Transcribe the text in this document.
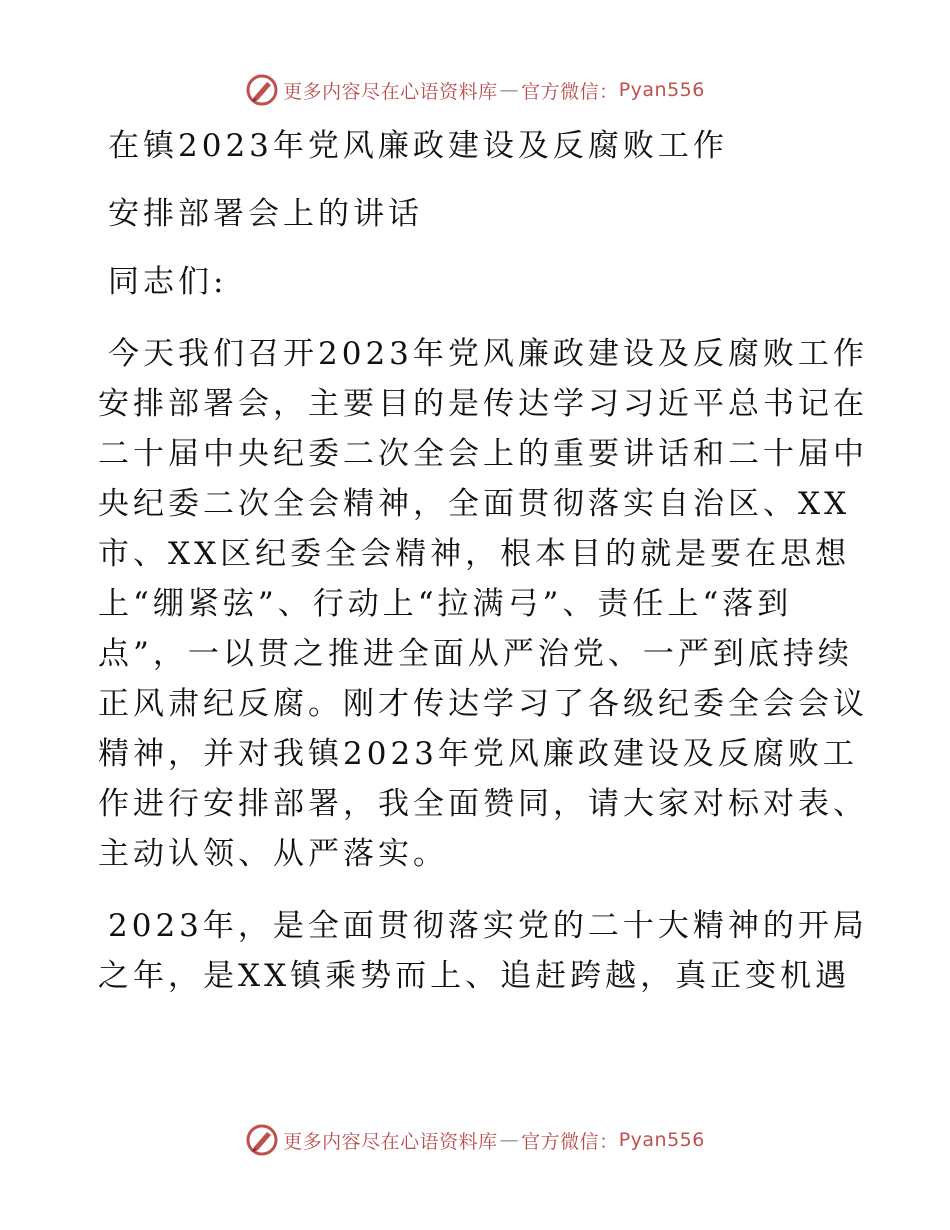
更多内容尽在心语资料库 — 官方微信： Pyan556
在镇2023年党风廉政建设及反腐败工作
安排部署会上的讲话
同志们:
今天我们召开2023年党风廉政建设及反腐败工作
安排部署会，主要目的是传达学习习近平总书记在
二十届中央纪委二次全会上的重要讲话和二十届中
央纪委二次全会精神，全面贯彻落实自治区、XX
市、XX区纪委全会精神，根本目的就是要在思想
上“绷紧弦”、行动上“拉满弓”、责任上“落到
点”，一以贯之推进全面从严治党、一严到底持续
正风肃纪反腐。刚才传达学习了各级纪委全会会议
精神，并对我镇2023年党风廉政建设及反腐败工
作进行安排部署，我全面赞同，请大家对标对表、
主动认领、从严落实。
2023年，是全面贯彻落实党的二十大精神的开局
之年，是XX镇乘势而上、追赶跨越，真正变机遇
更多内容尽在心语资料库 — 官方微信： Pyan556
